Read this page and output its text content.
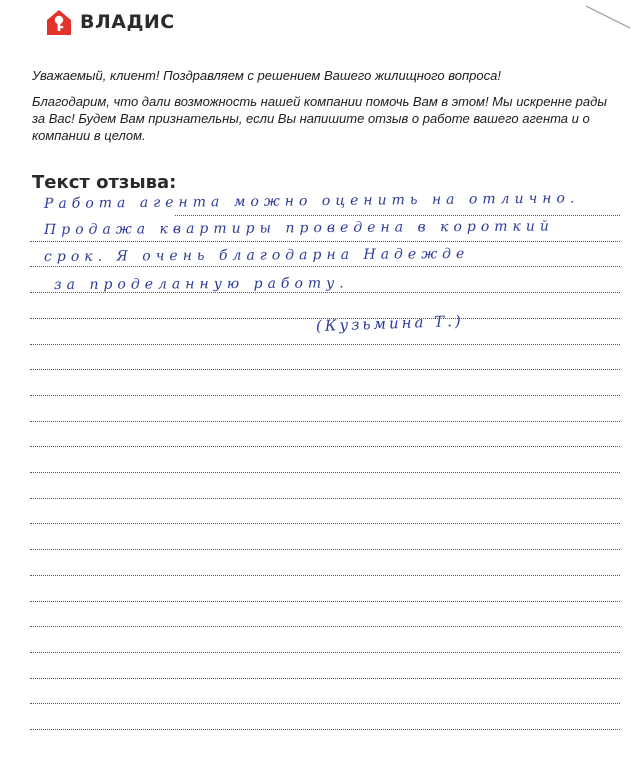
ВЛАДИС

Уважаемый, клиент! Поздравляем с решением Вашего жилищного вопроса!

Благодарим, что дали возможность нашей компании помочь Вам в этом! Мы искренне рады за Вас! Будем Вам признательны, если Вы напишите отзыв о работе вашего агента и о компании в целом.

Текст отзыва:
Работа агента можно оценить на отлично.
Продажа квартиры проведена в короткий
срок. Я очень благодарна Надежде
за проделанную работу.
(Кузьмина Т.)
